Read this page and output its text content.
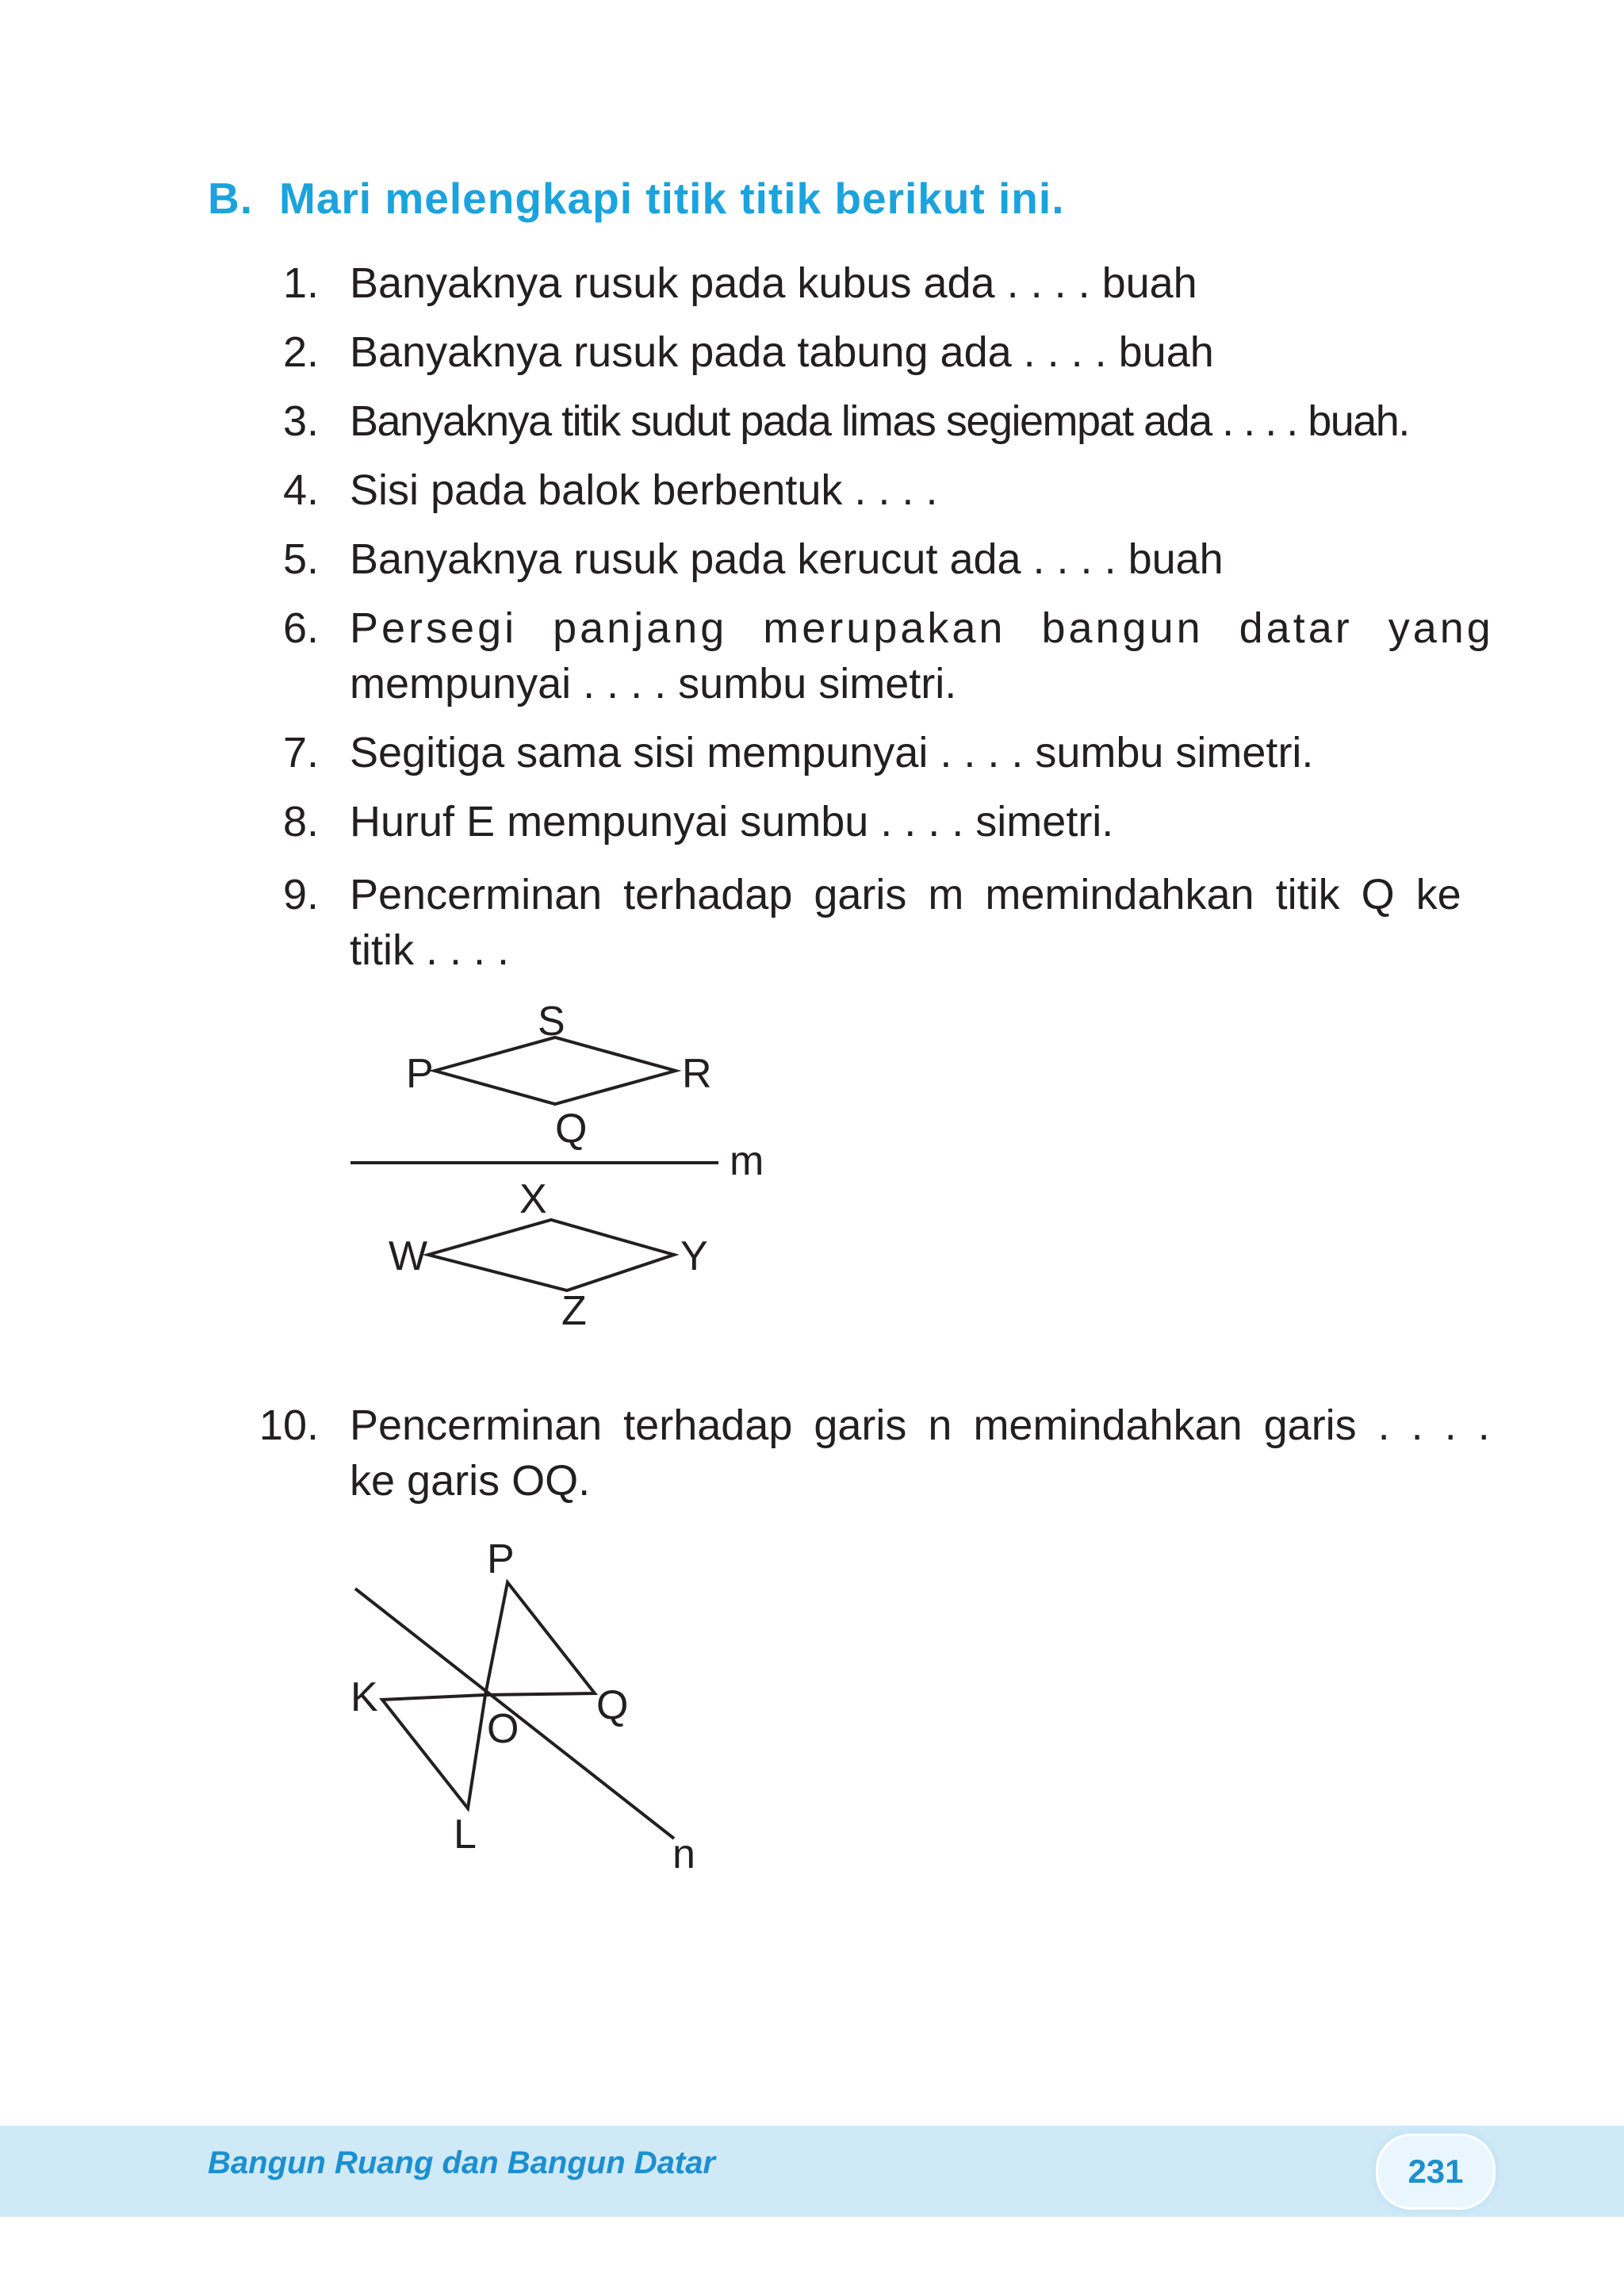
B. Mari melengkapi titik titik berikut ini.
1. Banyaknya rusuk pada kubus ada . . . . buah
2. Banyaknya rusuk pada tabung ada . . . . buah
3. Banyaknya titik sudut pada limas segiempat ada . . . . buah.
4. Sisi pada balok berbentuk . . . .
5. Banyaknya rusuk pada kerucut ada . . . . buah
6. Persegi panjang merupakan bangun datar yang
mempunyai . . . . sumbu simetri.
7. Segitiga sama sisi mempunyai . . . . sumbu simetri.
8. Huruf E mempunyai sumbu . . . . simetri.
9. Pencerminan terhadap garis m memindahkan titik Q ke
titik . . . .
S
P	R
Q
m
X
W	Y
Z
10. Pencerminan terhadap garis n memindahkan garis . . . .
ke garis OQ.
P
K	Q
O
L	n
Bangun Ruang dan Bangun Datar	231
